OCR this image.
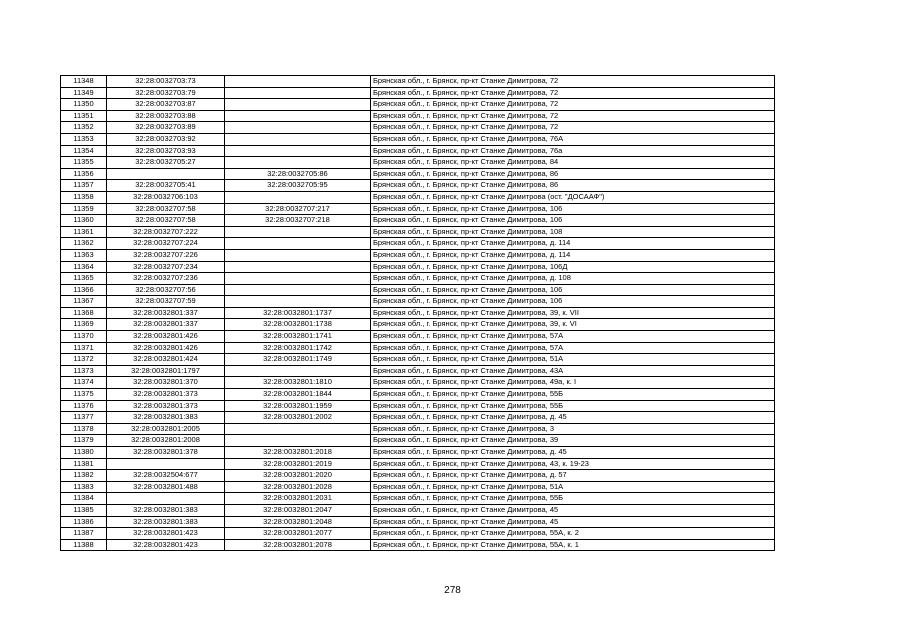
11348	32:28:0032703:73		Брянская обл., г. Брянск, пр-кт Станке Димитрова, 72
11349	32:28:0032703:79		Брянская обл., г. Брянск, пр-кт Станке Димитрова, 72
11350	32:28:0032703:87		Брянская обл., г. Брянск, пр-кт Станке Димитрова, 72
11351	32:28:0032703:88		Брянская обл., г. Брянск, пр-кт Станке Димитрова, 72
11352	32:28:0032703:89		Брянская обл., г. Брянск, пр-кт Станке Димитрова, 72
11353	32:28:0032703:92		Брянская обл., г. Брянск, пр-кт Станке Димитрова, 76А
11354	32:28:0032703:93		Брянская обл., г. Брянск, пр-кт Станке Димитрова, 76а
11355	32:28:0032705:27		Брянская обл., г. Брянск, пр-кт Станке Димитрова, 84
11356		32:28:0032705:86	Брянская обл., г. Брянск, пр-кт Станке Димитрова, 86
11357	32:28:0032705:41	32:28:0032705:95	Брянская обл., г. Брянск, пр-кт Станке Димитрова, 86
11358	32:28:0032706:103		Брянская обл., г. Брянск, пр-кт Станке Димитрова (ост. "ДОСААФ")
11359	32:28:0032707:58	32:28:0032707:217	Брянская обл., г. Брянск, пр-кт Станке Димитрова, 106
11360	32:28:0032707:58	32:28:0032707:218	Брянская обл., г. Брянск, пр-кт Станке Димитрова, 106
11361	32:28:0032707:222		Брянская обл., г. Брянск, пр-кт Станке Димитрова, 108
11362	32:28:0032707:224		Брянская обл., г. Брянск, пр-кт Станке Димитрова, д. 114
11363	32:28:0032707:226		Брянская обл., г. Брянск, пр-кт Станке Димитрова, д. 114
11364	32:28:0032707:234		Брянская обл., г. Брянск, пр-кт Станке Димитрова, 106Д
11365	32:28:0032707:236		Брянская обл., г. Брянск, пр-кт Станке Димитрова, д. 108
11366	32:28:0032707:56		Брянская обл., г. Брянск, пр-кт Станке Димитрова, 106
11367	32:28:0032707:59		Брянская обл., г. Брянск, пр-кт Станке Димитрова, 106
11368	32:28:0032801:337	32:28:0032801:1737	Брянская обл., г. Брянск, пр-кт Станке Димитрова, 39, к. VII
11369	32:28:0032801:337	32:28:0032801:1738	Брянская обл., г. Брянск, пр-кт Станке Димитрова, 39, к. VI
11370	32:28:0032801:426	32:28:0032801:1741	Брянская обл., г. Брянск, пр-кт Станке Димитрова, 57А
11371	32:28:0032801:426	32:28:0032801:1742	Брянская обл., г. Брянск, пр-кт Станке Димитрова, 57А
11372	32:28:0032801:424	32:28:0032801:1749	Брянская обл., г. Брянск, пр-кт Станке Димитрова, 51А
11373	32:28:0032801:1797		Брянская обл., г. Брянск, пр-кт Станке Димитрова, 43А
11374	32:28:0032801:370	32:28:0032801:1810	Брянская обл., г. Брянск, пр-кт Станке Димитрова, 49а, к. I
11375	32:28:0032801:373	32:28:0032801:1844	Брянская обл., г. Брянск, пр-кт Станке Димитрова, 55Б
11376	32:28:0032801:373	32:28:0032801:1959	Брянская обл., г. Брянск, пр-кт Станке Димитрова, 55Б
11377	32:28:0032801:383	32:28:0032801:2002	Брянская обл., г. Брянск, пр-кт Станке Димитрова, д. 45
11378	32:28:0032801:2005		Брянская обл., г. Брянск, пр-кт Станке Димитрова, 3
11379	32:28:0032801:2008		Брянская обл., г. Брянск, пр-кт Станке Димитрова, 39
11380	32:28:0032801:378	32:28:0032801:2018	Брянская обл., г. Брянск, пр-кт Станке Димитрова, д. 45
11381		32:28:0032801:2019	Брянская обл., г. Брянск, пр-кт Станке Димитрова, 43, к. 19-23
11382	32:28:0032504:677	32:28:0032801:2020	Брянская обл., г. Брянск, пр-кт Станке Димитрова, д. 57
11383	32:28:0032801:488	32:28:0032801:2028	Брянская обл., г. Брянск, пр-кт Станке Димитрова, 51А
11384		32:28:0032801:2031	Брянская обл., г. Брянск, пр-кт Станке Димитрова, 55Б
11385	32:28:0032801:383	32:28:0032801:2047	Брянская обл., г. Брянск, пр-кт Станке Димитрова, 45
11386	32:28:0032801:383	32:28:0032801:2048	Брянская обл., г. Брянск, пр-кт Станке Димитрова, 45
11387	32:28:0032801:423	32:28:0032801:2077	Брянская обл., г. Брянск, пр-кт Станке Димитрова, 55А, к. 2
11388	32:28:0032801:423	32:28:0032801:2078	Брянская обл., г. Брянск, пр-кт Станке Димитрова, 55А, к. 1
278
